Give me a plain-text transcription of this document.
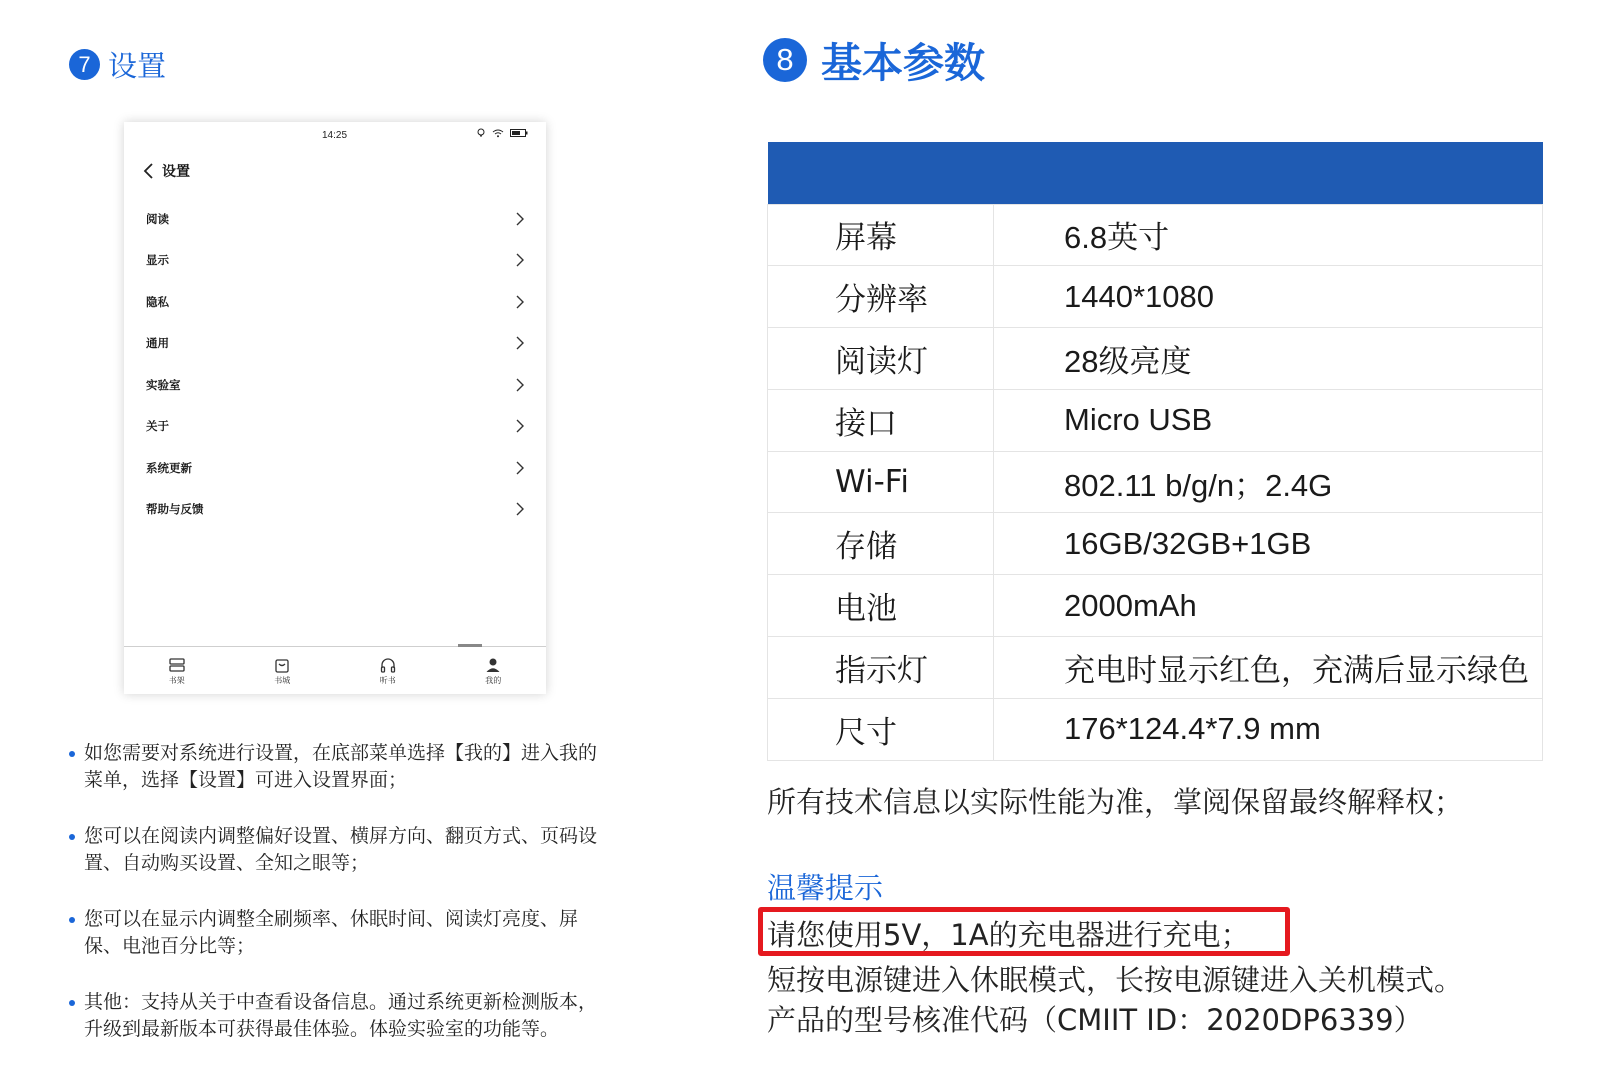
7 设置	8 基本参数
14:25
设置
阅读
显示
隐私
通用
实验室
关于
系统更新
帮助与反馈
书架	书城	听书	我的
如您需要对系统进行设置，在底部菜单选择【我的】进入我的菜单，选择【设置】可进入设置界面；
您可以在阅读内调整偏好设置、横屏方向、翻页方式、页码设置、自动购买设置、全知之眼等；
您可以在显示内调整全刷频率、休眠时间、阅读灯亮度、屏保、电池百分比等；
其他：支持从关于中查看设备信息。通过系统更新检测版本，升级到最新版本可获得最佳体验。体验实验室的功能等。

屏幕	6.8英寸
分辨率	1440*1080
阅读灯	28级亮度
接口	Micro USB
Wi-Fi	802.11 b/g/n；2.4G
存储	16GB/32GB+1GB
电池	2000mAh
指示灯	充电时显示红色，充满后显示绿色
尺寸	176*124.4*7.9 mm
所有技术信息以实际性能为准，掌阅保留最终解释权；
温馨提示
请您使用5V，1A的充电器进行充电；
短按电源键进入休眠模式，长按电源键进入关机模式。
产品的型号核准代码（CMIIT ID：2020DP6339）
